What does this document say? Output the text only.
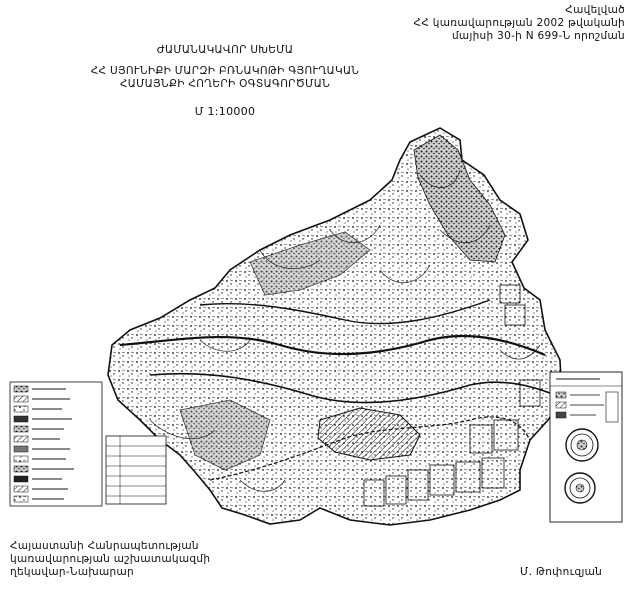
Հավելված
ՀՀ կառավարության 2002 թվականի
մայիսի 30-ի N 699-Ն որոշման
ԺԱՄԱՆԱԿԱՎՈՐ ՍԽԵՄԱ
ՀՀ ՍՅՈՒՆԻՔԻ ՄԱՐԶԻ ԲՌՆԱԿՈԹԻ ԳՅՈՒՂԱԿԱՆ
ՀԱՄԱՅՆՔԻ ՀՈՂԵՐԻ ՕԳՏԱԳՈՐԾՄԱՆ
Մ 1:10000
Հայաստանի Հանրապետության
կառավարության աշխատակազմի
ղեկավար-Նախարար	Մ. Թոփուզյան
